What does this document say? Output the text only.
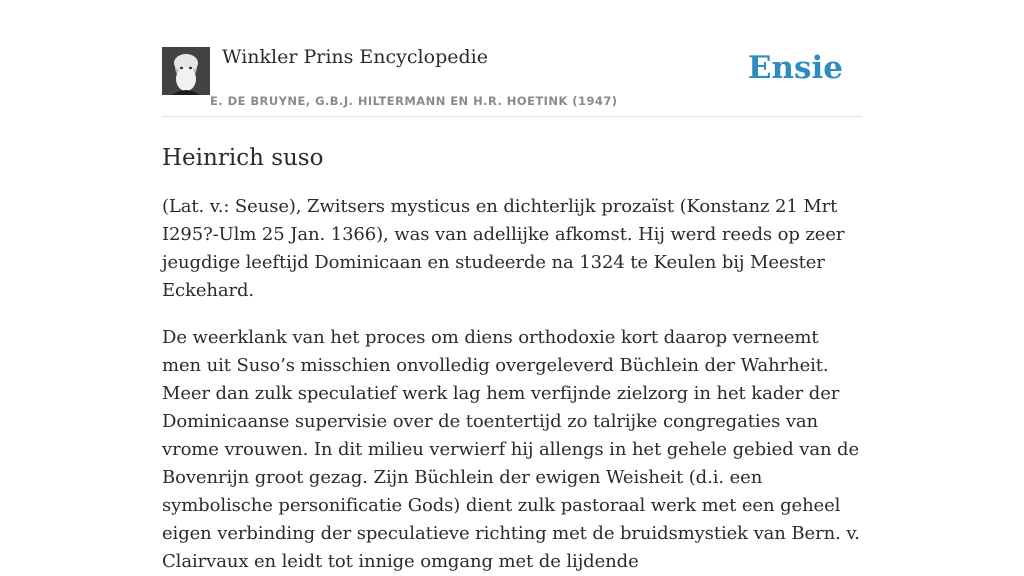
Winkler Prins Encyclopedie
E. DE BRUYNE, G.B.J. HILTERMANN EN H.R. HOETINK (1947)
Ensie
Heinrich suso

(Lat. v.: Seuse), Zwitsers mysticus en dichterlijk prozaïst (Konstanz 21 Mrt I295?-Ulm 25 Jan. 1366), was van adellijke afkomst. Hij werd reeds op zeer jeugdige leeftijd Dominicaan en studeerde na 1324 te Keulen bij Meester Eckehard.

De weerklank van het proces om diens orthodoxie kort daarop verneemt men uit Suso’s misschien onvolledig overgeleverd Büchlein der Wahrheit. Meer dan zulk speculatief werk lag hem verfijnde zielzorg in het kader der Dominicaanse supervisie over de toentertijd zo talrijke congregaties van vrome vrouwen. In dit milieu verwierf hij allengs in het gehele gebied van de Bovenrijn groot gezag. Zijn Büchlein der ewigen Weisheit (d.i. een symbolische personificatie Gods) dient zulk pastoraal werk met een geheel eigen verbinding der speculatieve richting met de bruidsmystiek van Bern. v. Clairvaux en leidt tot innige omgang met de lijdende
